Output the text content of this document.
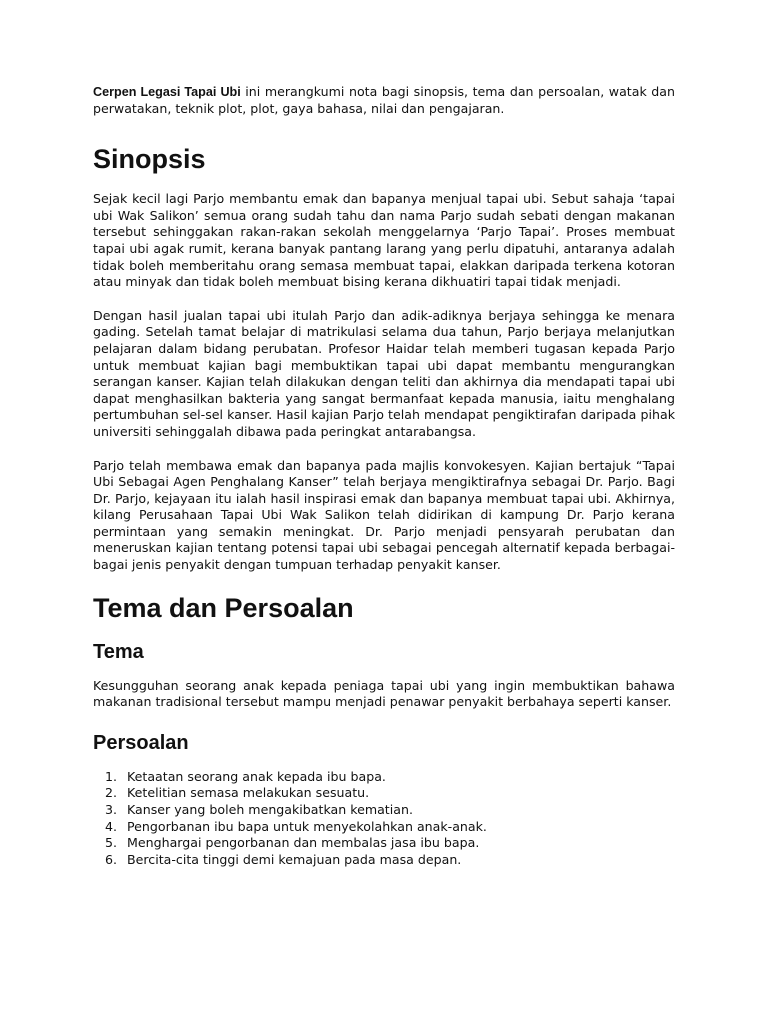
Cerpen Legasi Tapai Ubi ini merangkumi nota bagi sinopsis, tema dan persoalan, watak dan perwatakan, teknik plot, plot, gaya bahasa, nilai dan pengajaran.

Sinopsis

Sejak kecil lagi Parjo membantu emak dan bapanya menjual tapai ubi. Sebut sahaja ‘tapai ubi Wak Salikon’ semua orang sudah tahu dan nama Parjo sudah sebati dengan makanan tersebut sehinggakan rakan-rakan sekolah menggelarnya ‘Parjo Tapai’. Proses membuat tapai ubi agak rumit, kerana banyak pantang larang yang perlu dipatuhi, antaranya adalah tidak boleh memberitahu orang semasa membuat tapai, elakkan daripada terkena kotoran atau minyak dan tidak boleh membuat bising kerana dikhuatiri tapai tidak menjadi.

Dengan hasil jualan tapai ubi itulah Parjo dan adik-adiknya berjaya sehingga ke menara gading. Setelah tamat belajar di matrikulasi selama dua tahun, Parjo berjaya melanjutkan pelajaran dalam bidang perubatan. Profesor Haidar telah memberi tugasan kepada Parjo untuk membuat kajian bagi membuktikan tapai ubi dapat membantu mengurangkan serangan kanser. Kajian telah dilakukan dengan teliti dan akhirnya dia mendapati tapai ubi dapat menghasilkan bakteria yang sangat bermanfaat kepada manusia, iaitu menghalang pertumbuhan sel-sel kanser. Hasil kajian Parjo telah mendapat pengiktirafan daripada pihak universiti sehinggalah dibawa pada peringkat antarabangsa.

Parjo telah membawa emak dan bapanya pada majlis konvokesyen. Kajian bertajuk “Tapai Ubi Sebagai Agen Penghalang Kanser” telah berjaya mengiktirafnya sebagai Dr. Parjo. Bagi Dr. Parjo, kejayaan itu ialah hasil inspirasi emak dan bapanya membuat tapai ubi. Akhirnya, kilang Perusahaan Tapai Ubi Wak Salikon telah didirikan di kampung Dr. Parjo kerana permintaan yang semakin meningkat. Dr. Parjo menjadi pensyarah perubatan dan meneruskan kajian tentang potensi tapai ubi sebagai pencegah alternatif kepada berbagai-bagai jenis penyakit dengan tumpuan terhadap penyakit kanser.

Tema dan Persoalan
Tema

Kesungguhan seorang anak kepada peniaga tapai ubi yang ingin membuktikan bahawa makanan tradisional tersebut mampu menjadi penawar penyakit berbahaya seperti kanser.

Persoalan
1. Ketaatan seorang anak kepada ibu bapa.
2. Ketelitian semasa melakukan sesuatu.
3. Kanser yang boleh mengakibatkan kematian.
4. Pengorbanan ibu bapa untuk menyekolahkan anak-anak.
5. Menghargai pengorbanan dan membalas jasa ibu bapa.
6. Bercita-cita tinggi demi kemajuan pada masa depan.
